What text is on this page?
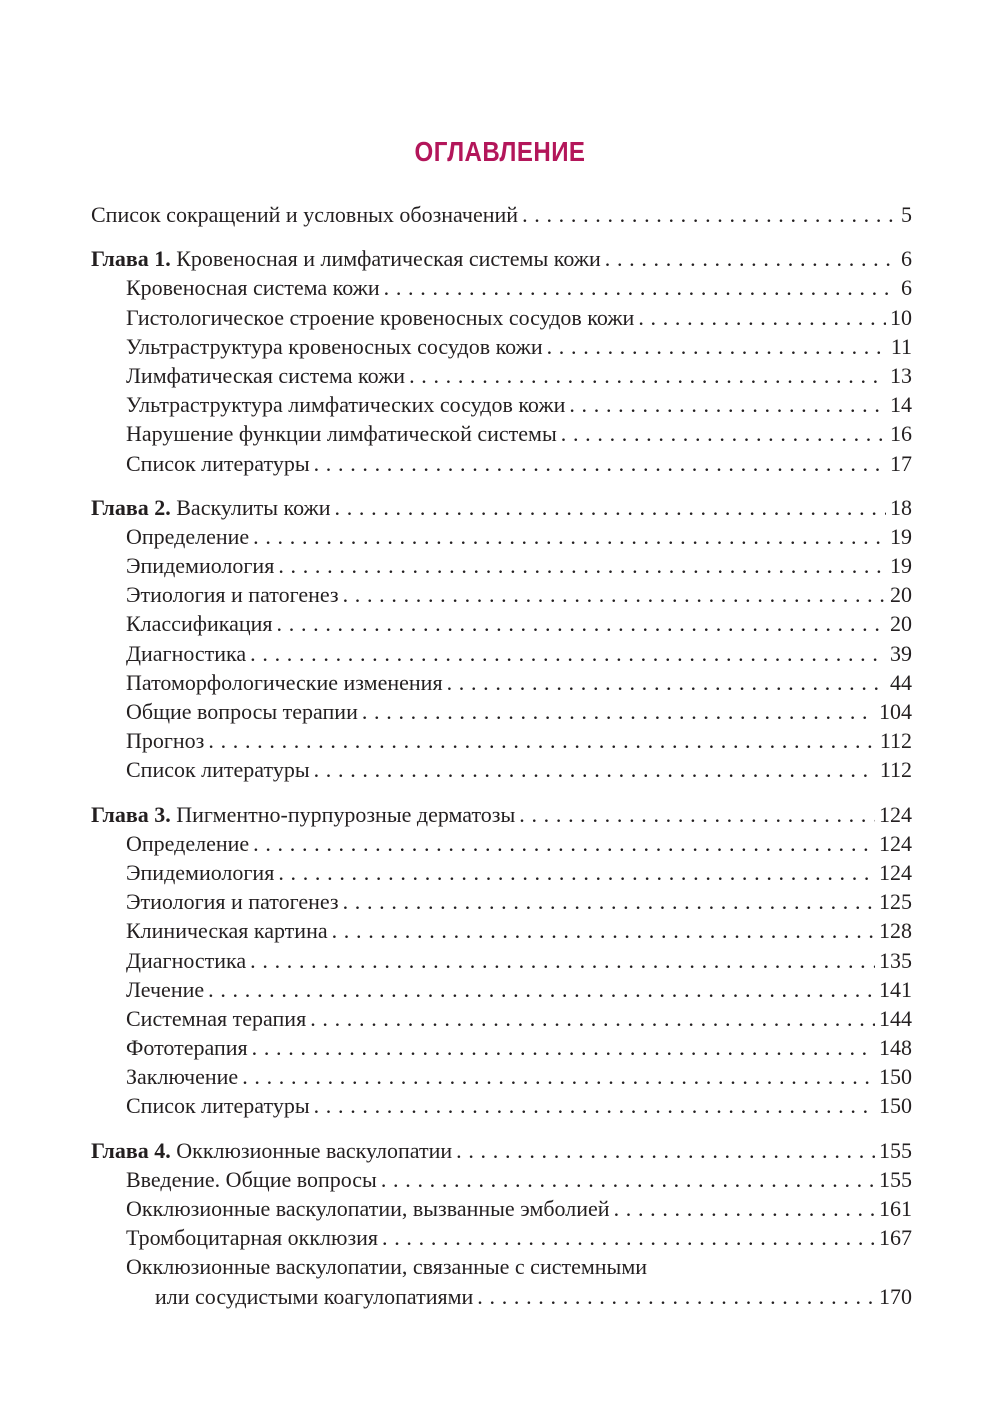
ОГЛАВЛЕНИЕ
Список сокращений и условных обозначений . . .	5
Глава 1. Кровеносная и лимфатическая системы кожи . . .	6
Кровеносная система кожи . . .	6
Гистологическое строение кровеносных сосудов кожи . . .	10
Ультраструктура кровеносных сосудов кожи . . .	11
Лимфатическая система кожи . . .	13
Ультраструктура лимфатических сосудов кожи . . .	14
Нарушение функции лимфатической системы . . .	16
Список литературы . . .	17
Глава 2. Васкулиты кожи . . .	18
Определение . . .	19
Эпидемиология . . .	19
Этиология и патогенез . . .	20
Классификация . . .	20
Диагностика . . .	39
Патоморфологические изменения . . .	44
Общие вопросы терапии . . .	104
Прогноз . . .	112
Список литературы . . .	112
Глава 3. Пигментно-пурпурозные дерматозы . . .	124
Определение . . .	124
Эпидемиология . . .	124
Этиология и патогенез . . .	125
Клиническая картина . . .	128
Диагностика . . .	135
Лечение . . .	141
Системная терапия . . .	144
Фототерапия . . .	148
Заключение . . .	150
Список литературы . . .	150
Глава 4. Окклюзионные васкулопатии . . .	155
Введение. Общие вопросы . . .	155
Окклюзионные васкулопатии, вызванные эмболией . . .	161
Тромбоцитарная окклюзия . . .	167
Окклюзионные васкулопатии, связанные с системными
или сосудистыми коагулопатиями . . .	170
